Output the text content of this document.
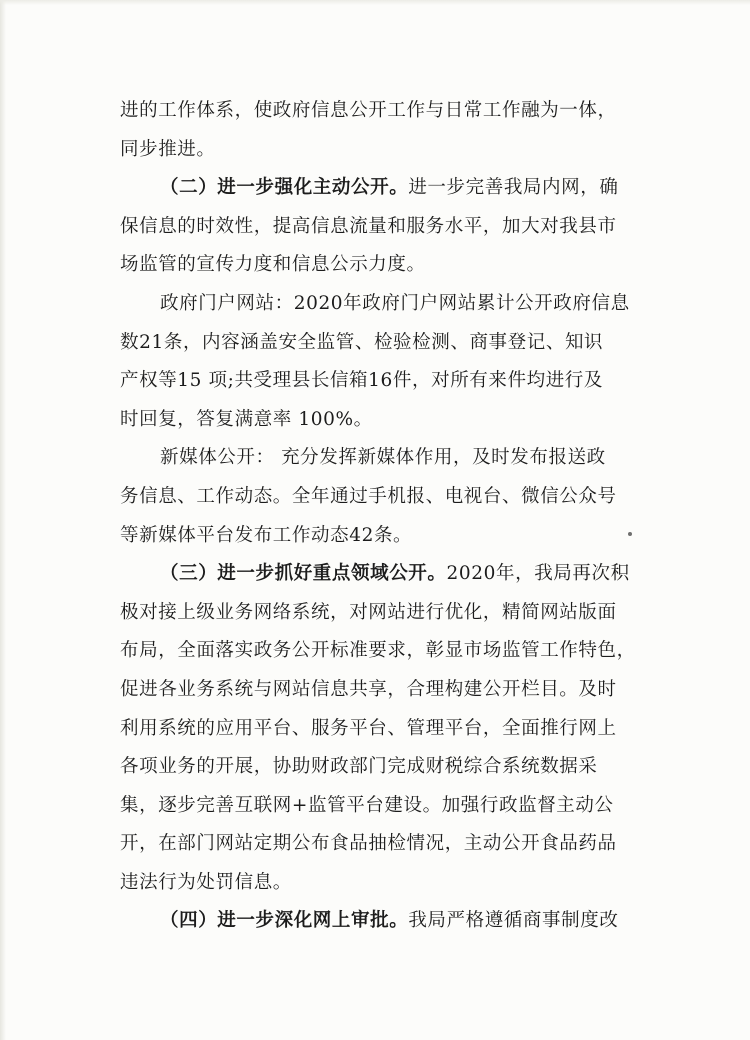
进的工作体系，使政府信息公开工作与日常工作融为一体，
同步推进。
（二）进一步强化主动公开。进一步完善我局内网，确
保信息的时效性，提高信息流量和服务水平，加大对我县市
场监管的宣传力度和信息公示力度。
政府门户网站：2020年政府门户网站累计公开政府信息
数21条，内容涵盖安全监管、检验检测、商事登记、知识
产权等15 项;共受理县长信箱16件，对所有来件均进行及
时回复，答复满意率 100%。
新媒体公开： 充分发挥新媒体作用，及时发布报送政
务信息、工作动态。全年通过手机报、电视台、微信公众号
等新媒体平台发布工作动态42条。
（三）进一步抓好重点领域公开。2020年，我局再次积
极对接上级业务网络系统，对网站进行优化，精简网站版面
布局，全面落实政务公开标准要求，彰显市场监管工作特色，
促进各业务系统与网站信息共享，合理构建公开栏目。及时
利用系统的应用平台、服务平台、管理平台，全面推行网上
各项业务的开展，协助财政部门完成财税综合系统数据采
集，逐步完善互联网+监管平台建设。加强行政监督主动公
开，在部门网站定期公布食品抽检情况，主动公开食品药品
违法行为处罚信息。
（四）进一步深化网上审批。我局严格遵循商事制度改
